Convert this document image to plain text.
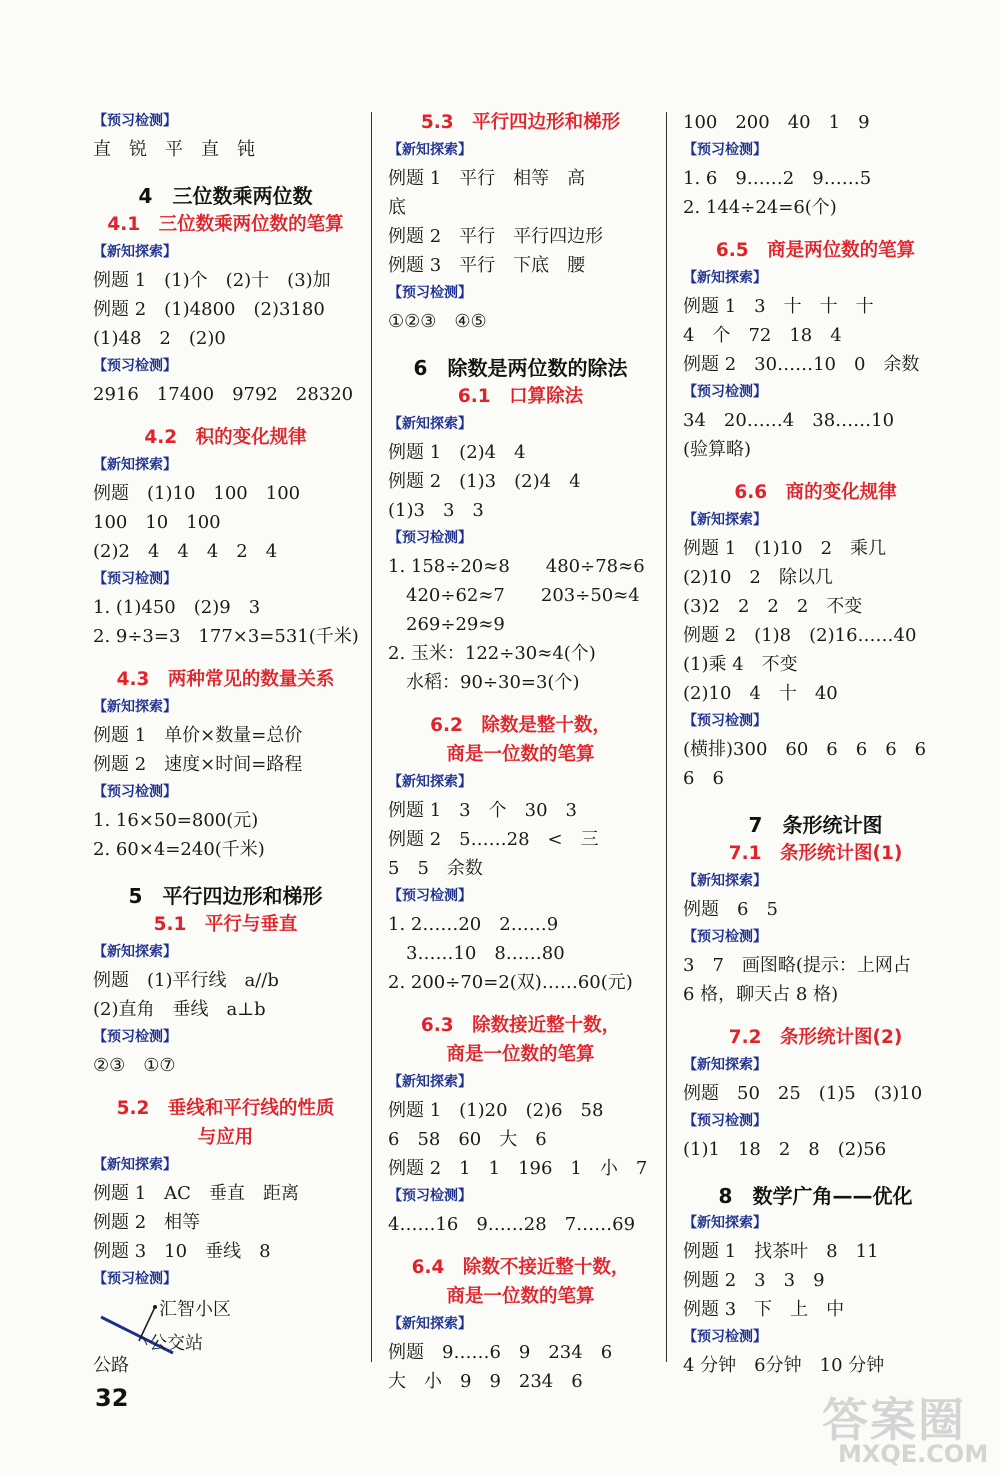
【预习检测】
直　锐　平　直　钝
4　三位数乘两位数
4.1　三位数乘两位数的笔算
【新知探索】
例题 1　(1)个　(2)十　(3)加
例题 2　(1)4800　(2)3180
(1)48　2　(2)0
【预习检测】
2916　17400　9792　28320
4.2　积的变化规律
【新知探索】
例题　(1)10　100　100
100　10　100
(2)2　4　4　4　2　4
【预习检测】
1. (1)450　(2)9　3
2. 9÷3=3　177×3=531(千米)
4.3　两种常见的数量关系
【新知探索】
例题 1　单价×数量=总价
例题 2　速度×时间=路程
【预习检测】
1. 16×50=800(元)
2. 60×4=240(千米)
5　平行四边形和梯形
5.1　平行与垂直
【新知探索】
例题　(1)平行线　a//b
(2)直角　垂线　a⊥b
【预习检测】
②③　①⑦
5.2　垂线和平行线的性质
与应用
【新知探索】
例题 1　AC　垂直　距离
例题 2　相等
例题 3　10　垂线　8
【预习检测】
汇智小区
公交站
公路
5.3　平行四边形和梯形
【新知探索】
例题 1　平行　相等　高
底
例题 2　平行　平行四边形
例题 3　平行　下底　腰
【预习检测】
①②③　④⑤
6　除数是两位数的除法
6.1　口算除法
【新知探索】
例题 1　(2)4　4
例题 2　(1)3　(2)4　4
(1)3　3　3
【预习检测】
1. 158÷20≈8　　480÷78≈6
　420÷62≈7　　203÷50≈4
　269÷29≈9
2. 玉米：122÷30≈4(个)
　水稻：90÷30=3(个)
6.2　除数是整十数，
商是一位数的笔算
【新知探索】
例题 1　3　个　30　3
例题 2　5……28　<　三
5　5　余数
【预习检测】
1. 2……20　2……9
　3……10　8……80
2. 200÷70=2(双)……60(元)
6.3　除数接近整十数，
商是一位数的笔算
【新知探索】
例题 1　(1)20　(2)6　58
6　58　60　大　6
例题 2　1　1　196　1　小　7
【预习检测】
4……16　9……28　7……69
6.4　除数不接近整十数，
商是一位数的笔算
【新知探索】
例题　9……6　9　234　6
大　小　9　9　234　6
100　200　40　1　9
【预习检测】
1. 6　9……2　9……5
2. 144÷24=6(个)
6.5　商是两位数的笔算
【新知探索】
例题 1　3　十　十　十
4　个　72　18　4
例题 2　30……10　0　余数
【预习检测】
34　20……4　38……10
(验算略)
6.6　商的变化规律
【新知探索】
例题 1　(1)10　2　乘几
(2)10　2　除以几
(3)2　2　2　2　不变
例题 2　(1)8　(2)16……40
(1)乘 4　不变
(2)10　4　十　40
【预习检测】
(横排)300　60　6　6　6　6
6　6
7　条形统计图
7.1　条形统计图(1)
【新知探索】
例题　6　5
【预习检测】
3　7　画图略(提示：上网占
6 格，聊天占 8 格)
7.2　条形统计图(2)
【新知探索】
例题　50　25　(1)5　(3)10
【预习检测】
(1)1　18　2　8　(2)56
8　数学广角——优化
【新知探索】
例题 1　找茶叶　8　11
例题 2　3　3　9
例题 3　下　上　中
【预习检测】
4 分钟　6分钟　10 分钟
32	答案圈
MXQE.COM
